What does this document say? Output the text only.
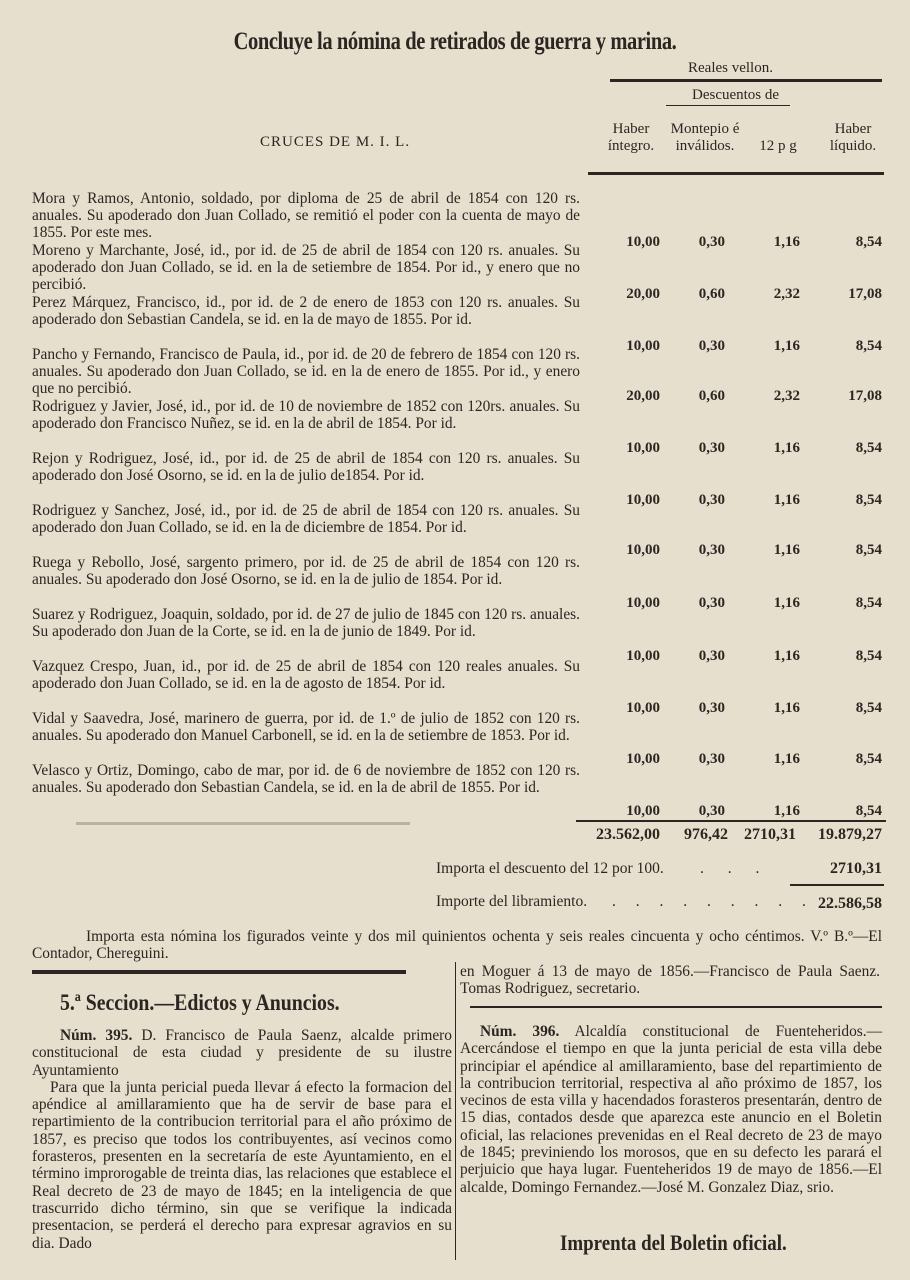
Concluye la nómina de retirados de guerra y marina.
Reales vellon.
Descuentos de
CRUCES DE M. I. L.
Haber íntegro.
Montepio é inválidos.	12 p g
Haber líquido.
Mora y Ramos, Antonio, soldado, por diploma de 25 de abril de 1854 con 120 rs. anuales. Su apoderado don Juan Collado, se remitió el poder con la cuenta de mayo de 1855. Por este mes.
10,00	0,30	1,16	8,54
Moreno y Marchante, José, id., por id. de 25 de abril de 1854 con 120 rs. anuales. Su apoderado don Juan Collado, se id. en la de setiembre de 1854. Por id., y enero que no percibió.
20,00	0,60	2,32	17,08
Perez Márquez, Francisco, id., por id. de 2 de enero de 1853 con 120 rs. anuales. Su apoderado don Sebastian Candela, se id. en la de mayo de 1855. Por id.
10,00	0,30	1,16	8,54
Pancho y Fernando, Francisco de Paula, id., por id. de 20 de febrero de 1854 con 120 rs. anuales. Su apoderado don Juan Collado, se id. en la de enero de 1855. Por id., y enero que no percibió.	20,00	0,60	2,32	17,08
Rodriguez y Javier, José, id., por id. de 10 de noviembre de 1852 con 120rs. anuales. Su apoderado don Francisco Nuñez, se id. en la de abril de 1854. Por id.
10,00	0,30	1,16	8,54
Rejon y Rodriguez, José, id., por id. de 25 de abril de 1854 con 120 rs. anuales. Su apoderado don José Osorno, se id. en la de julio de1854. Por id.
10,00	0,30	1,16	8,54
Rodriguez y Sanchez, José, id., por id. de 25 de abril de 1854 con 120 rs. anuales. Su apoderado don Juan Collado, se id. en la de diciembre de 1854. Por id.
10,00	0,30	1,16	8,54
Ruega y Rebollo, José, sargento primero, por id. de 25 de abril de 1854 con 120 rs. anuales. Su apoderado don José Osorno, se id. en la de julio de 1854. Por id.
10,00	0,30	1,16	8,54
Suarez y Rodriguez, Joaquin, soldado, por id. de 27 de julio de 1845 con 120 rs. anuales. Su apoderado don Juan de la Corte, se id. en la de junio de 1849. Por id.
10,00	0,30	1,16	8,54
Vazquez Crespo, Juan, id., por id. de 25 de abril de 1854 con 120 reales anuales. Su apoderado don Juan Collado, se id. en la de agosto de 1854. Por id.
10,00	0,30	1,16	8,54
Vidal y Saavedra, José, marinero de guerra, por id. de 1.º de julio de 1852 con 120 rs. anuales. Su apoderado don Manuel Carbonell, se id. en la de setiembre de 1853. Por id.
10,00	0,30	1,16	8,54
Velasco y Ortiz, Domingo, cabo de mar, por id. de 6 de noviembre de 1852 con 120 rs. anuales. Su apoderado don Sebastian Candela, se id. en la de abril de 1855. Por id.
10,00	0,30	1,16	8,54
23.562,00	976,42	2710,31	19.879,27
Importa el descuento del 12 por 100. . . .	2710,31
Importe del libramiento. . . . . . . . . . .
22.586,58
Importa esta nómina los figurados veinte y dos mil quinientos ochenta y seis reales cincuenta y ocho céntimos. V.º B.º—El Contador, Chereguini.
5.ª Seccion.—Edictos y Anuncios.

Núm. 395. D. Francisco de Paula Saenz, alcalde primero constitucional de esta ciudad y presidente de su ilustre Ayuntamiento

Para que la junta pericial pueda llevar á efecto la formacion del apéndice al amillaramiento que ha de servir de base para el repartimiento de la contribucion territorial para el año próximo de 1857, es preciso que todos los contribuyentes, así vecinos como forasteros, presenten en la secretaría de este Ayuntamiento, en el término improrogable de treinta dias, las relaciones que establece el Real decreto de 23 de mayo de 1845; en la inteligencia de que trascurrido dicho término, sin que se verifique la indicada presentacion, se perderá el derecho para expresar agravios en su dia. Dado

en Moguer á 13 de mayo de 1856.—Francisco de Paula Saenz. Tomas Rodriguez, secretario.

Núm. 396. Alcaldía constitucional de Fuenteheridos.—Acercándose el tiempo en que la junta pericial de esta villa debe principiar el apéndice al amillaramiento, base del repartimiento de la contribucion territorial, respectiva al año próximo de 1857, los vecinos de esta villa y hacendados forasteros presentarán, dentro de 15 dias, contados desde que aparezca este anuncio en el Boletin oficial, las relaciones prevenidas en el Real decreto de 23 de mayo de 1845; previniendo los morosos, que en su defecto les parará el perjuicio que haya lugar. Fuenteheridos 19 de mayo de 1856.—El alcalde, Domingo Fernandez.—José M. Gonzalez Diaz, srio.

Imprenta del Boletin oficial.
